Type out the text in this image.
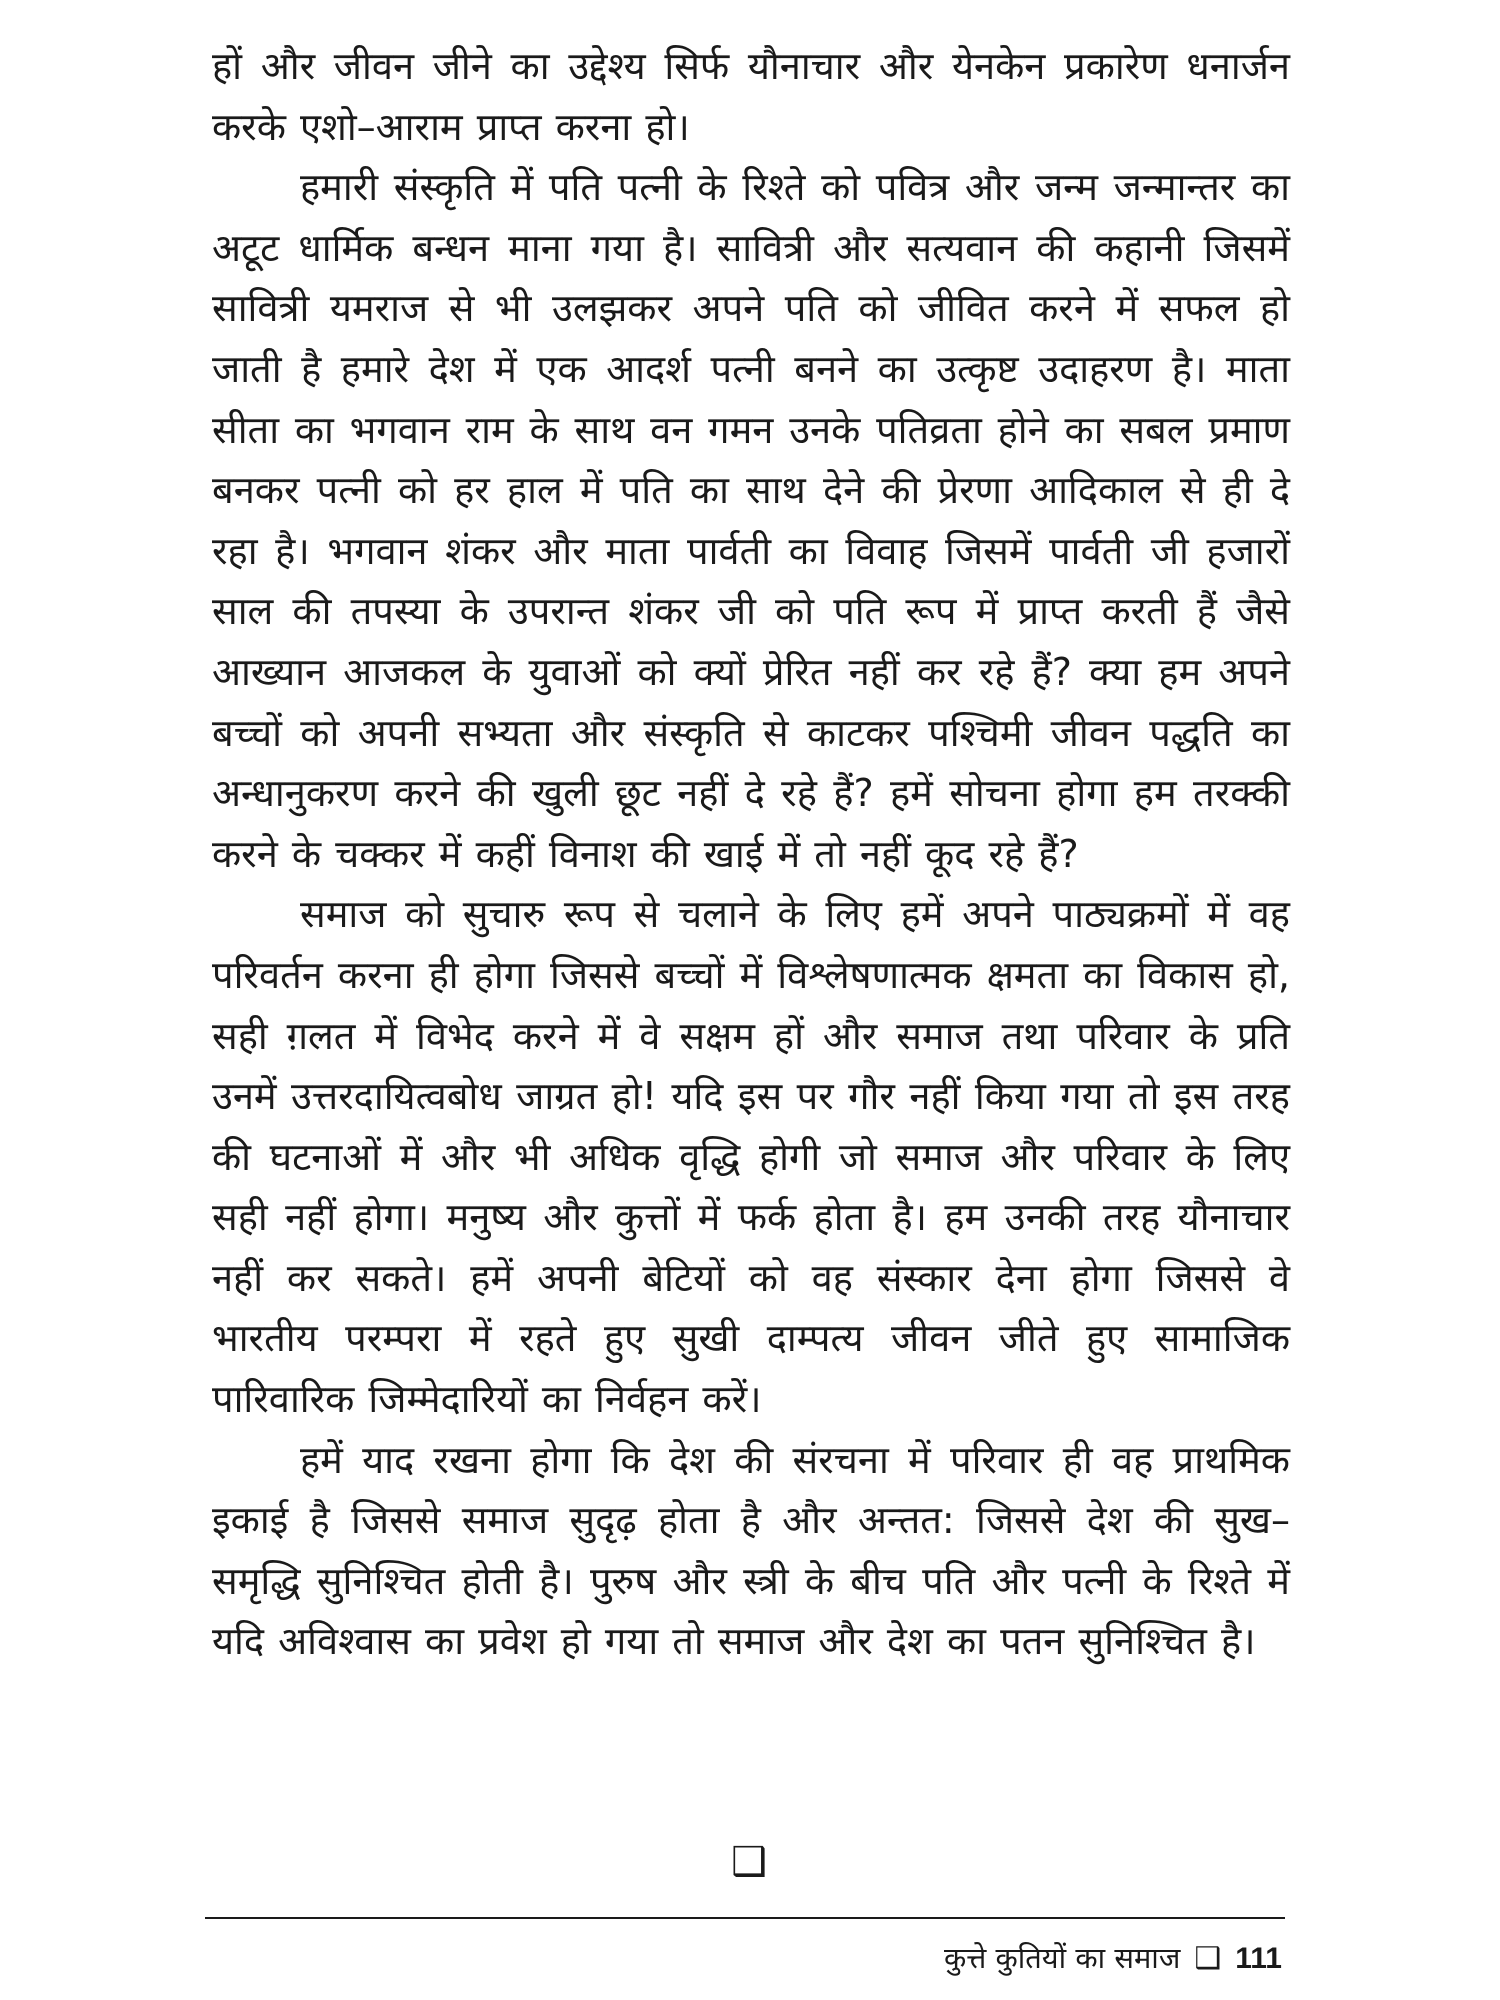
हों और जीवन जीने का उद्देश्य सिर्फ यौनाचार और येनकेन प्रकारेण धनार्जन करके एशो–आराम प्राप्त करना हो।

हमारी संस्कृति में पति पत्नी के रिश्ते को पवित्र और जन्म जन्मान्तर का अटूट धार्मिक बन्धन माना गया है। सावित्री और सत्यवान की कहानी जिसमें सावित्री यमराज से भी उलझकर अपने पति को जीवित करने में सफल हो जाती है हमारे देश में एक आदर्श पत्नी बनने का उत्कृष्ट उदाहरण है। माता सीता का भगवान राम के साथ वन गमन उनके पतिव्रता होने का सबल प्रमाण बनकर पत्नी को हर हाल में पति का साथ देने की प्रेरणा आदिकाल से ही दे रहा है। भगवान शंकर और माता पार्वती का विवाह जिसमें पार्वती जी हजारों साल की तपस्या के उपरान्त शंकर जी को पति रूप में प्राप्त करती हैं जैसे आख्यान आजकल के युवाओं को क्यों प्रेरित नहीं कर रहे हैं? क्या हम अपने बच्चों को अपनी सभ्यता और संस्कृति से काटकर पश्चिमी जीवन पद्धति का अन्धानुकरण करने की खुली छूट नहीं दे रहे हैं? हमें सोचना होगा हम तरक्की करने के चक्कर में कहीं विनाश की खाई में तो नहीं कूद रहे हैं?

समाज को सुचारु रूप से चलाने के लिए हमें अपने पाठ्यक्रमों में वह परिवर्तन करना ही होगा जिससे बच्चों में विश्लेषणात्मक क्षमता का विकास हो, सही ग़लत में विभेद करने में वे सक्षम हों और समाज तथा परिवार के प्रति उनमें उत्तरदायित्वबोध जाग्रत हो! यदि इस पर गौर नहीं किया गया तो इस तरह की घटनाओं में और भी अधिक वृद्धि होगी जो समाज और परिवार के लिए सही नहीं होगा। मनुष्य और कुत्तों में फर्क होता है। हम उनकी तरह यौनाचार नहीं कर सकते। हमें अपनी बेटियों को वह संस्कार देना होगा जिससे वे भारतीय परम्परा में रहते हुए सुखी दाम्पत्य जीवन जीते हुए सामाजिक पारिवारिक जिम्मेदारियों का निर्वहन करें।

हमें याद रखना होगा कि देश की संरचना में परिवार ही वह प्राथमिक इकाई है जिससे समाज सुदृढ़ होता है और अन्तत: जिससे देश की सुख–समृद्धि सुनिश्चित होती है। पुरुष और स्त्री के बीच पति और पत्नी के रिश्ते में यदि अविश्वास का प्रवेश हो गया तो समाज और देश का पतन सुनिश्चित है।

❑
कुत्ते कुतियों का समाज ❑ 111
